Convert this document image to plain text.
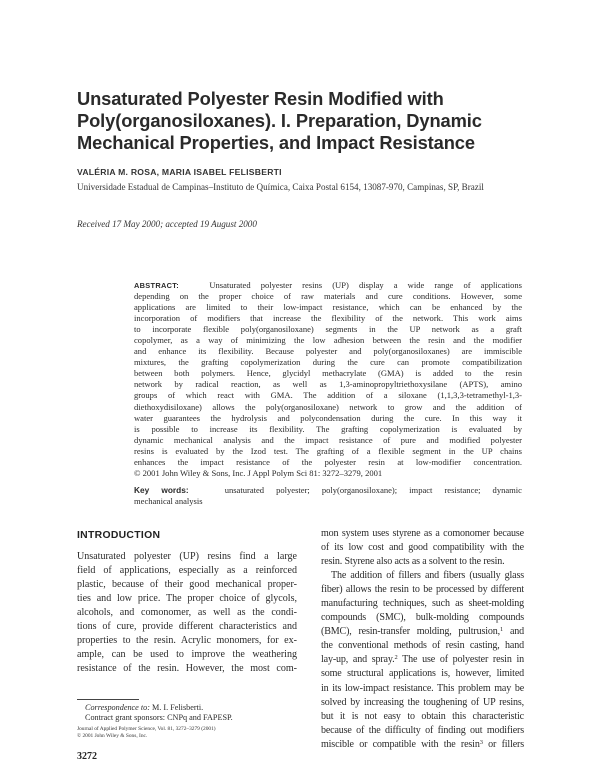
Unsaturated Polyester Resin Modified with
Poly(organosiloxanes). I. Preparation, Dynamic
Mechanical Properties, and Impact Resistance
VALÉRIA M. ROSA, MARIA ISABEL FELISBERTI
Universidade Estadual de Campinas–Instituto de Química, Caixa Postal 6154, 13087-970, Campinas, SP, Brazil
Received 17 May 2000; accepted 19 August 2000
ABSTRACT:	Unsaturated polyester resins (UP) display a wide range of applications
depending on the proper choice of raw materials and cure conditions. However, some
applications are limited to their low-impact resistance, which can be enhanced by the
incorporation of modifiers that increase the flexibility of the network. This work aims
to incorporate flexible poly(organosiloxane) segments in the UP network as a graft
copolymer, as a way of minimizing the low adhesion between the resin and the modifier
and enhance its flexibility. Because polyester and poly(organosiloxanes) are immiscible
mixtures, the grafting copolymerization during the cure can promote compatibilization
between both polymers. Hence, glycidyl methacrylate (GMA) is added to the resin
network by radical reaction, as well as 1,3-aminopropyltriethoxysilane (APTS), amino
groups of which react with GMA. The addition of a siloxane (1,1,3,3-tetramethyl-1,3-
diethoxydisiloxane) allows the poly(organosiloxane) network to grow and the addition of
water guarantees the hydrolysis and polycondensation during the cure. In this way it
is possible to increase its flexibility. The grafting copolymerization is evaluated by
dynamic mechanical analysis and the impact resistance of pure and modified polyester
resins is evaluated by the Izod test. The grafting of a flexible segment in the UP chains
enhances the impact resistance of the polyester resin at low-modifier concentration.
© 2001 John Wiley & Sons, Inc. J Appl Polym Sci 81: 3272–3279, 2001
Key words:	unsaturated polyester; poly(organosiloxane); impact resistance; dynamic
mechanical analysis
INTRODUCTION
Unsaturated polyester (UP) resins find a large
field of applications, especially as a reinforced
plastic, because of their good mechanical proper-
ties and low price. The proper choice of glycols,
alcohols, and comonomer, as well as the condi-
tions of cure, provide different characteristics and
properties to the resin. Acrylic monomers, for ex-
ample, can be used to improve the weathering
resistance of the resin. However, the most com-
mon system uses styrene as a comonomer because
of its low cost and good compatibility with the
resin. Styrene also acts as a solvent to the resin.
The addition of fillers and fibers (usually glass
fiber) allows the resin to be processed by different
manufacturing techniques, such as sheet-molding
compounds (SMC), bulk-molding compounds
(BMC), resin-transfer molding, pultrusion,$^1$ and
the conventional methods of resin casting, hand
lay-up, and spray.$^2$ The use of polyester resin in
some structural applications is, however, limited
in its low-impact resistance. This problem may be
solved by increasing the toughening of UP resins,
but it is not easy to obtain this characteristic
because of the difficulty of finding out modifiers
miscible or compatible with the resin$^3$ or fillers
Correspondence to: M. I. Felisberti.
Contract grant sponsors: CNPq and FAPESP.
Journal of Applied Polymer Science, Vol. 81, 3272–3279 (2001)
© 2001 John Wiley & Sons, Inc.
3272
